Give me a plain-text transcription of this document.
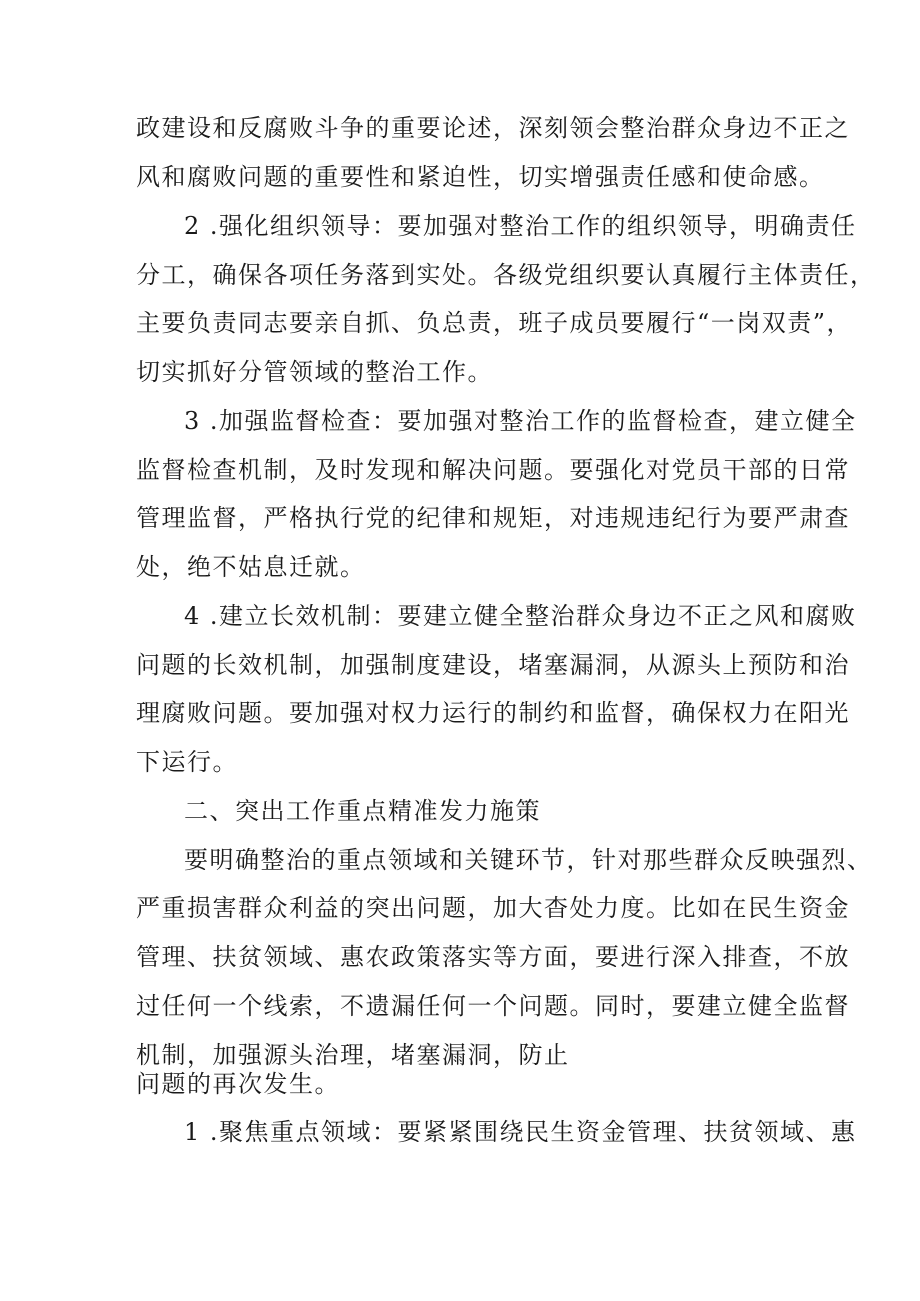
政建设和反腐败斗争的重要论述，深刻领会整治群众身边不正之
风和腐败问题的重要性和紧迫性，切实增强责任感和使命感。
2 .强化组织领导：要加强对整治工作的组织领导，明确责任
分工，确保各项任务落到实处。各级党组织要认真履行主体责任，
主要负责同志要亲自抓、负总责，班子成员要履行“一岗双责”，
切实抓好分管领域的整治工作。
3 .加强监督检查：要加强对整治工作的监督检查，建立健全
监督检查机制，及时发现和解决问题。要强化对党员干部的日常
管理监督，严格执行党的纪律和规矩，对违规违纪行为要严肃查
处，绝不姑息迁就。
4 .建立长效机制：要建立健全整治群众身边不正之风和腐败
问题的长效机制，加强制度建设，堵塞漏洞，从源头上预防和治
理腐败问题。要加强对权力运行的制约和监督，确保权力在阳光
下运行。
二、突出工作重点精准发力施策
要明确整治的重点领域和关键环节，针对那些群众反映强烈、
严重损害群众利益的突出问题，加大杳处力度。比如在民生资金
管理、扶贫领域、惠农政策落实等方面，要进行深入排查，不放
过任何一个线索，不遗漏任何一个问题。同时，要建立健全监督
机制，加强源头治理，堵塞漏洞，防止
问题的再次发生。
1 .聚焦重点领域：要紧紧围绕民生资金管理、扶贫领域、惠
